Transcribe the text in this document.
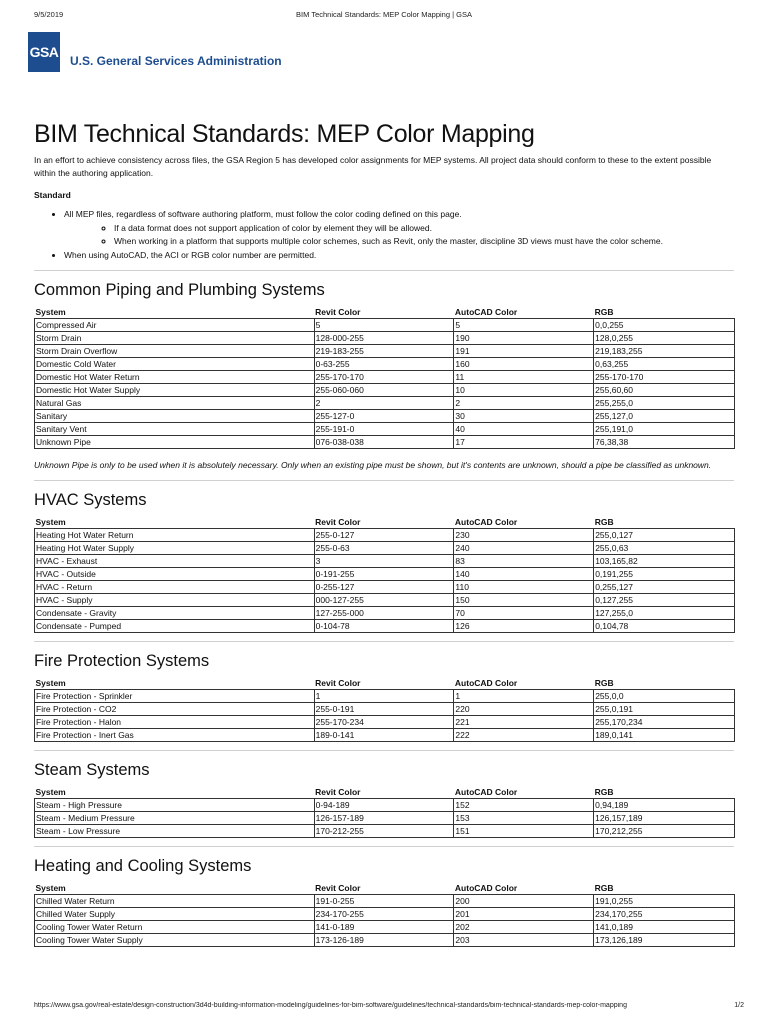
9/5/2019	BIM Technical Standards: MEP Color Mapping | GSA
GSA
U.S. General Services Administration
BIM Technical Standards: MEP Color Mapping

In an effort to achieve consistency across files, the GSA Region 5 has developed color assignments for MEP systems. All project data should conform to these to the extent possible within the authoring application.

Standard
• All MEP files, regardless of software authoring platform, must follow the color coding defined on this page.
◦ If a data format does not support application of color by element they will be allowed.
◦ When working in a platform that supports multiple color schemes, such as Revit, only the master, discipline 3D views must have the color scheme.
• When using AutoCAD, the ACI or RGB color number are permitted.
Common Piping and Plumbing Systems
System	Revit Color	AutoCAD Color	RGB
Compressed Air	5	5	0,0,255
Storm Drain	128-000-255	190	128,0,255
Storm Drain Overflow	219-183-255	191	219,183,255
Domestic Cold Water	0-63-255	160	0,63,255
Domestic Hot Water Return	255-170-170	11	255-170-170
Domestic Hot Water Supply	255-060-060	10	255,60,60
Natural Gas	2	2	255,255,0
Sanitary	255-127-0	30	255,127,0
Sanitary Vent	255-191-0	40	255,191,0
Unknown Pipe	076-038-038	17	76,38,38

Unknown Pipe is only to be used when it is absolutely necessary. Only when an existing pipe must be shown, but it's contents are unknown, should a pipe be classified as unknown.

HVAC Systems
System	Revit Color	AutoCAD Color	RGB
Heating Hot Water Return	255-0-127	230	255,0,127
Heating Hot Water Supply	255-0-63	240	255,0,63
HVAC - Exhaust	3	83	103,165,82
HVAC - Outside	0-191-255	140	0,191,255
HVAC - Return	0-255-127	110	0,255,127
HVAC - Supply	000-127-255	150	0,127,255
Condensate - Gravity	127-255-000	70	127,255,0
Condensate - Pumped	0-104-78	126	0,104,78
Fire Protection Systems
System	Revit Color	AutoCAD Color	RGB
Fire Protection - Sprinkler	1	1	255,0,0
Fire Protection - CO2	255-0-191	220	255,0,191
Fire Protection - Halon	255-170-234	221	255,170,234
Fire Protection - Inert Gas	189-0-141	222	189,0,141
Steam Systems
System	Revit Color	AutoCAD Color	RGB
Steam - High Pressure	0-94-189	152	0,94,189
Steam - Medium Pressure	126-157-189	153	126,157,189
Steam - Low Pressure	170-212-255	151	170,212,255
Heating and Cooling Systems
System	Revit Color	AutoCAD Color	RGB
Chilled Water Return	191-0-255	200	191,0,255
Chilled Water Supply	234-170-255	201	234,170,255
Cooling Tower Water Return	141-0-189	202	141,0,189
Cooling Tower Water Supply	173-126-189	203	173,126,189
https://www.gsa.gov/real-estate/design-construction/3d4d-building-information-modeling/guidelines-for-bim-software/guidelines/technical-standards/bim-technical-standards-mep-color-mapping	1/2
